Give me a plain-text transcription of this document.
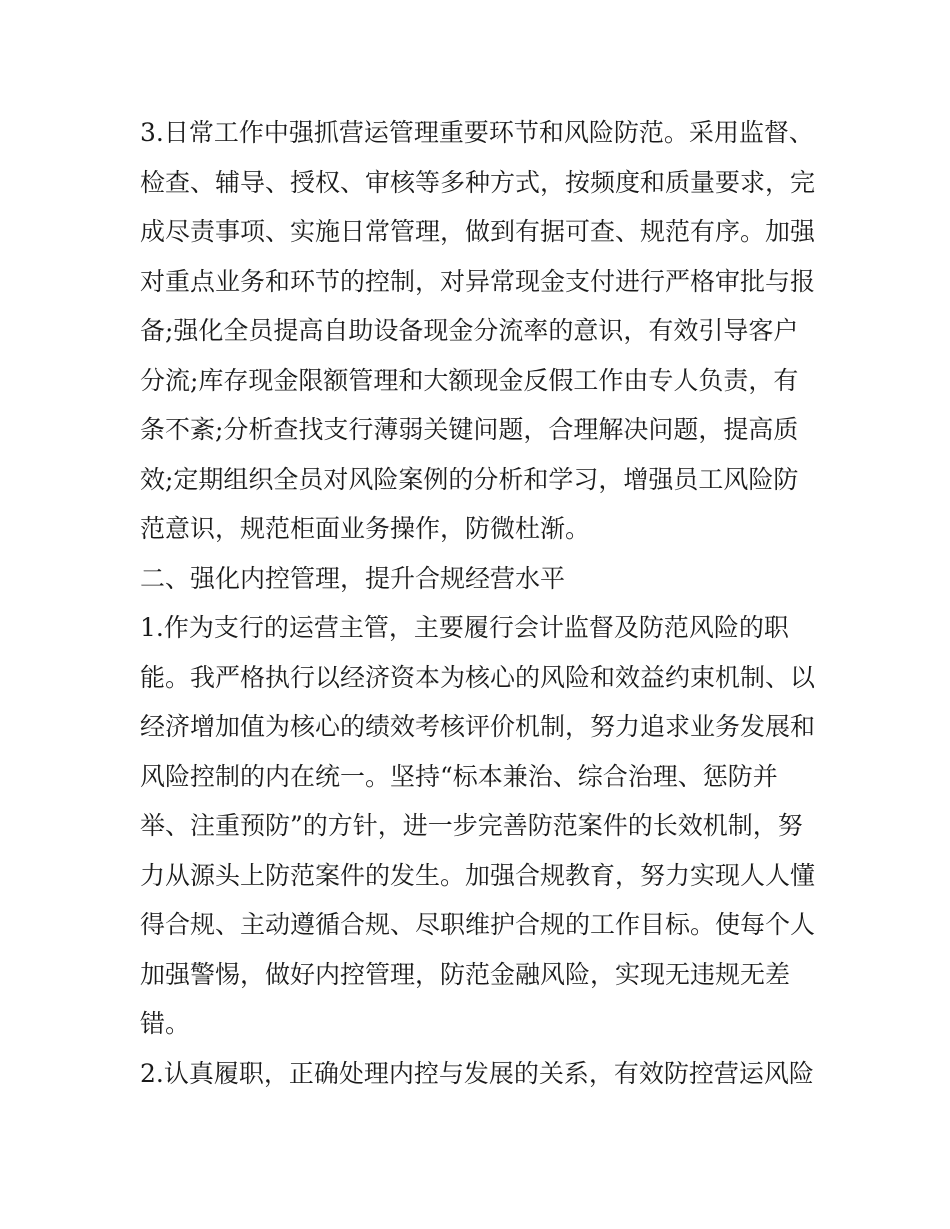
3.日常工作中强抓营运管理重要环节和风险防范。采用监督、
检查、辅导、授权、审核等多种方式，按频度和质量要求，完
成尽责事项、实施日常管理，做到有据可查、规范有序。加强
对重点业务和环节的控制，对异常现金支付进行严格审批与报
备;强化全员提高自助设备现金分流率的意识，有效引导客户
分流;库存现金限额管理和大额现金反假工作由专人负责，有
条不紊;分析查找支行薄弱关键问题，合理解决问题，提高质
效;定期组织全员对风险案例的分析和学习，增强员工风险防
范意识，规范柜面业务操作，防微杜渐。
二、强化内控管理，提升合规经营水平
1.作为支行的运营主管，主要履行会计监督及防范风险的职
能。我严格执行以经济资本为核心的风险和效益约束机制、以
经济增加值为核心的绩效考核评价机制，努力追求业务发展和
风险控制的内在统一。坚持“标本兼治、综合治理、惩防并
举、注重预防”的方针，进一步完善防范案件的长效机制，努
力从源头上防范案件的发生。加强合规教育，努力实现人人懂
得合规、主动遵循合规、尽职维护合规的工作目标。使每个人
加强警惕，做好内控管理，防范金融风险，实现无违规无差
错。
2.认真履职，正确处理内控与发展的关系，有效防控营运风险
